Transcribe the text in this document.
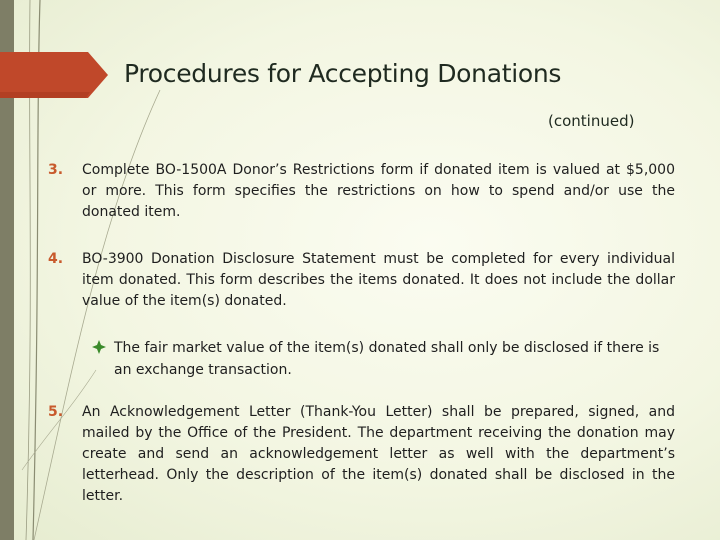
Procedures for Accepting Donations
(continued)
3. Complete BO-1500A Donor’s Restrictions form if donated item is valued at $5,000 or more. This form specifies the restrictions on how to spend and/or use the donated item.
4. BO-3900 Donation Disclosure Statement must be completed for every individual item donated. This form describes the items donated. It does not include the dollar value of the item(s) donated.
The fair market value of the item(s) donated shall only be disclosed if there is an exchange transaction.
5. An Acknowledgement Letter (Thank-You Letter) shall be prepared, signed, and mailed by the Office of the President. The department receiving the donation may create and send an acknowledgement letter as well with the department’s letterhead. Only the description of the item(s) donated shall be disclosed in the letter.
